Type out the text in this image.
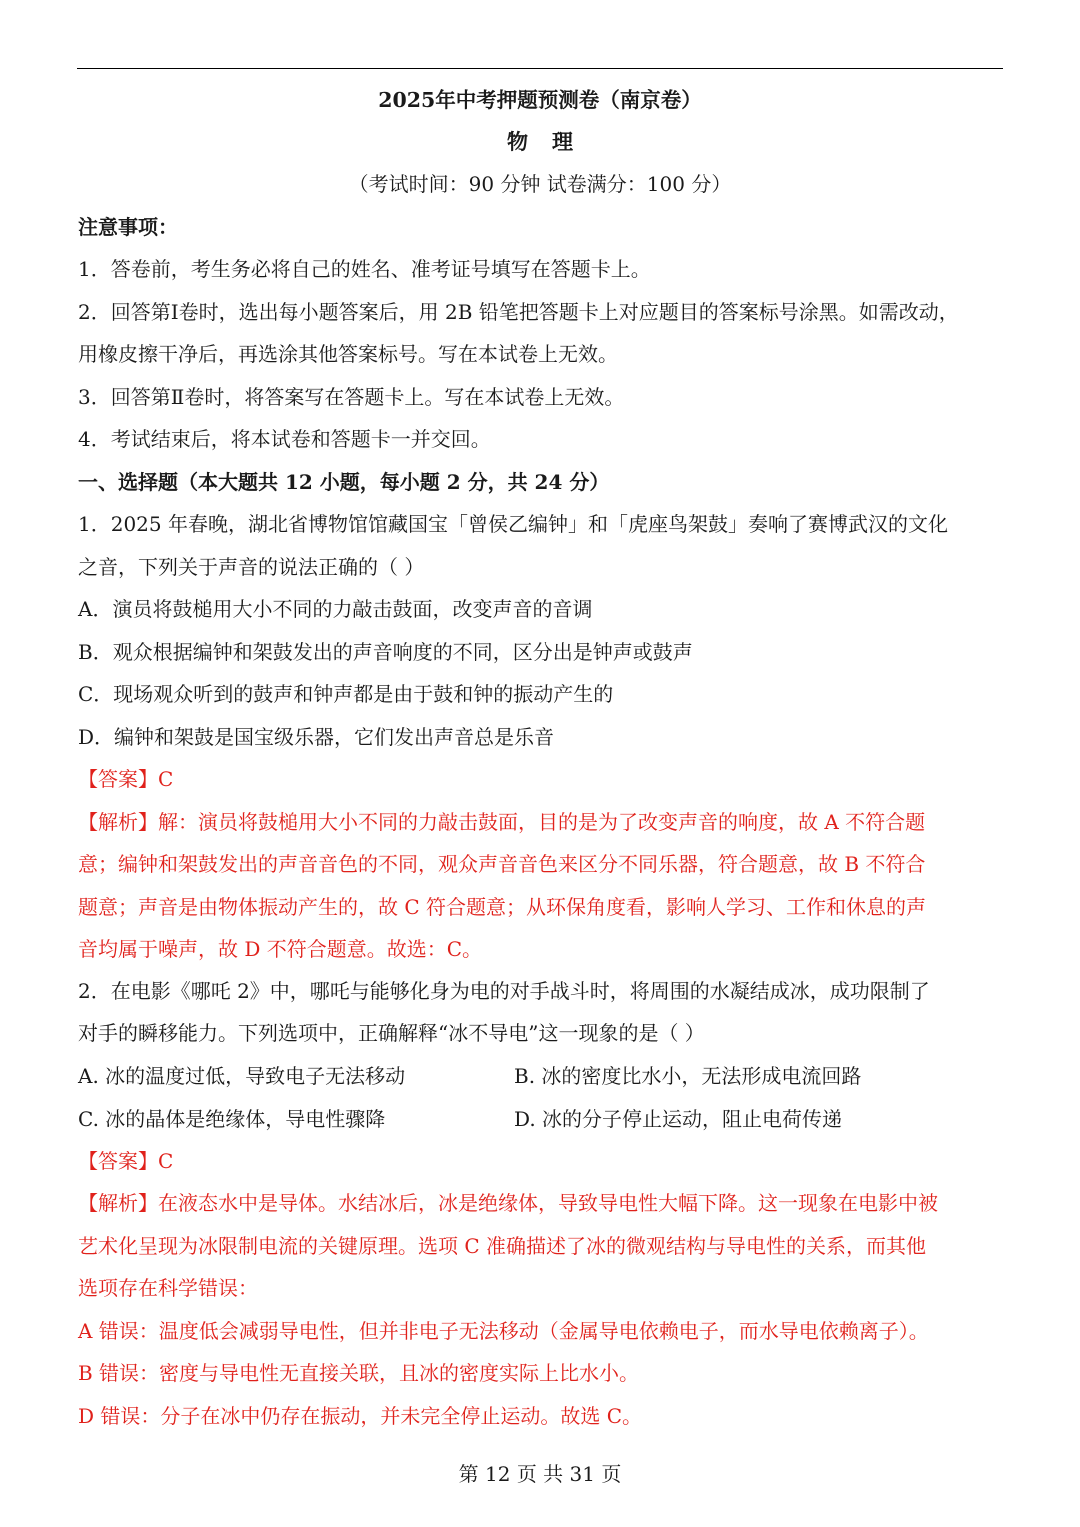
2025年中考押题预测卷（南京卷）
物理
（考试时间：90 分钟 试卷满分：100 分）
注意事项：
1．答卷前，考生务必将自己的姓名、准考证号填写在答题卡上。
2．回答第Ⅰ卷时，选出每小题答案后，用 2B 铅笔把答题卡上对应题目的答案标号涂黑。如需改动，
用橡皮擦干净后，再选涂其他答案标号。写在本试卷上无效。
3．回答第Ⅱ卷时，将答案写在答题卡上。写在本试卷上无效。
4．考试结束后，将本试卷和答题卡一并交回。
一、选择题（本大题共 12 小题，每小题 2 分，共 24 分）
1．2025 年春晚，湖北省博物馆馆藏国宝「曾侯乙编钟」和「虎座鸟架鼓」奏响了赛博武汉的文化
之音，下列关于声音的说法正确的（ ）
A．演员将鼓槌用大小不同的力敲击鼓面，改变声音的音调
B．观众根据编钟和架鼓发出的声音响度的不同，区分出是钟声或鼓声
C．现场观众听到的鼓声和钟声都是由于鼓和钟的振动产生的
D．编钟和架鼓是国宝级乐器，它们发出声音总是乐音
【答案】C
【解析】解：演员将鼓槌用大小不同的力敲击鼓面，目的是为了改变声音的响度，故 A 不符合题
意；编钟和架鼓发出的声音音色的不同，观众声音音色来区分不同乐器，符合题意，故 B 不符合
题意；声音是由物体振动产生的，故 C 符合题意；从环保角度看，影响人学习、工作和休息的声
音均属于噪声，故 D 不符合题意。故选：C。
2．在电影《哪吒 2》中，哪吒与能够化身为电的对手战斗时，将周围的水凝结成冰，成功限制了
对手的瞬移能力。下列选项中，正确解释“冰不导电”这一现象的是（ ）
A. 冰的温度过低，导致电子无法移动	B. 冰的密度比水小，无法形成电流回路
C. 冰的晶体是绝缘体，导电性骤降	D. 冰的分子停止运动，阻止电荷传递
【答案】C
【解析】在液态水中是导体。水结冰后，冰是绝缘体，导致导电性大幅下降。这一现象在电影中被
艺术化呈现为冰限制电流的关键原理。选项 C 准确描述了冰的微观结构与导电性的关系，而其他
选项存在科学错误：
A 错误：温度低会减弱导电性，但并非电子无法移动（金属导电依赖电子，而水导电依赖离子）。
B 错误：密度与导电性无直接关联，且冰的密度实际上比水小。
D 错误：分子在冰中仍存在振动，并未完全停止运动。故选 C。
第 12 页 共 31 页
